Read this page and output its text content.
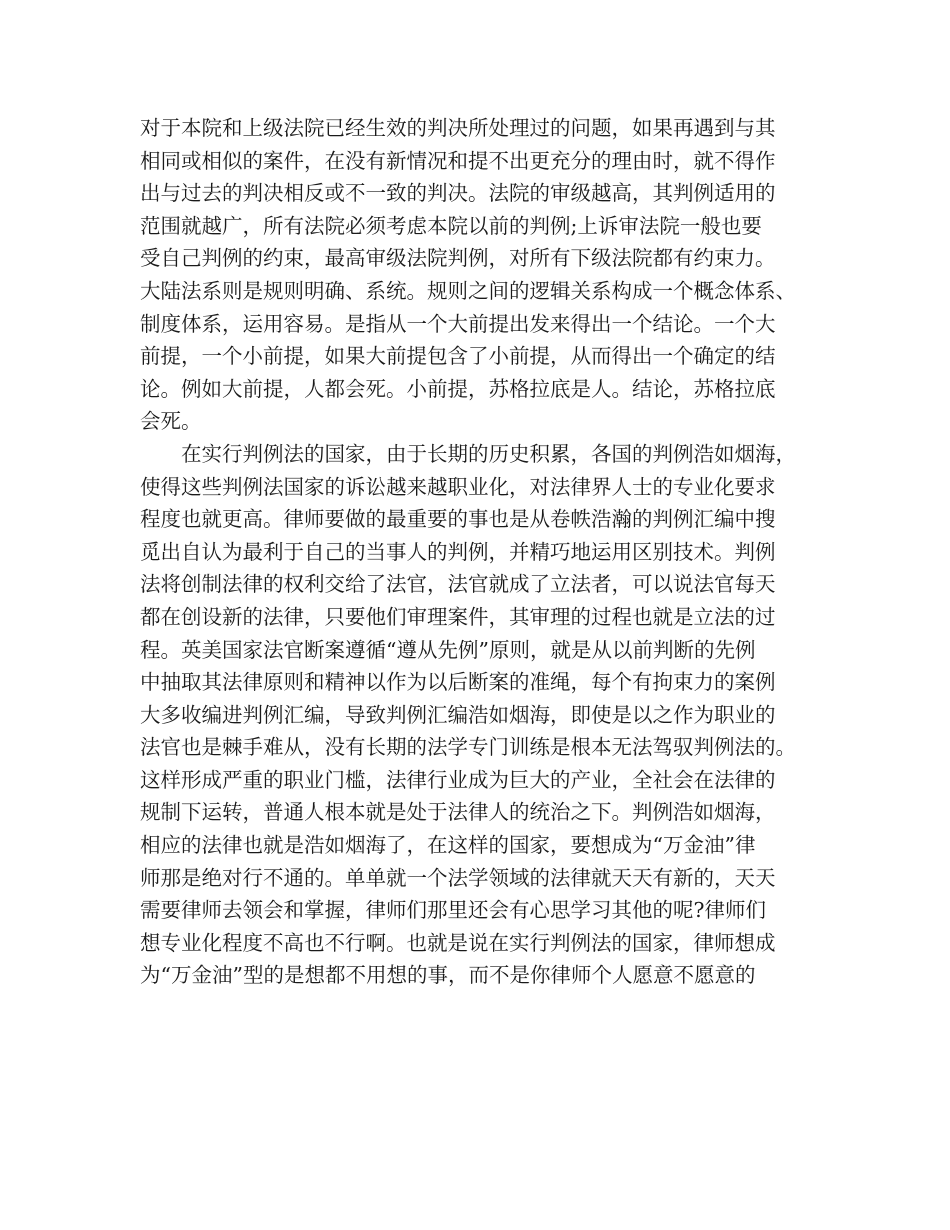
对于本院和上级法院已经生效的判决所处理过的问题，如果再遇到与其
相同或相似的案件，在没有新情况和提不出更充分的理由时，就不得作
出与过去的判决相反或不一致的判决。法院的审级越高，其判例适用的
范围就越广，所有法院必须考虑本院以前的判例;上诉审法院一般也要
受自己判例的约束，最高审级法院判例，对所有下级法院都有约束力。
大陆法系则是规则明确、系统。规则之间的逻辑关系构成一个概念体系、
制度体系，运用容易。是指从一个大前提出发来得出一个结论。一个大
前提，一个小前提，如果大前提包含了小前提，从而得出一个确定的结
论。例如大前提，人都会死。小前提，苏格拉底是人。结论，苏格拉底
会死。
在实行判例法的国家，由于长期的历史积累，各国的判例浩如烟海，
使得这些判例法国家的诉讼越来越职业化，对法律界人士的专业化要求
程度也就更高。律师要做的最重要的事也是从卷帙浩瀚的判例汇编中搜
觅出自认为最利于自己的当事人的判例，并精巧地运用区别技术。判例
法将创制法律的权利交给了法官，法官就成了立法者，可以说法官每天
都在创设新的法律，只要他们审理案件，其审理的过程也就是立法的过
程。英美国家法官断案遵循“遵从先例”原则，就是从以前判断的先例
中抽取其法律原则和精神以作为以后断案的准绳，每个有拘束力的案例
大多收编进判例汇编，导致判例汇编浩如烟海，即使是以之作为职业的
法官也是棘手难从，没有长期的法学专门训练是根本无法驾驭判例法的。
这样形成严重的职业门槛，法律行业成为巨大的产业，全社会在法律的
规制下运转，普通人根本就是处于法律人的统治之下。判例浩如烟海，
相应的法律也就是浩如烟海了，在这样的国家，要想成为“万金油”律
师那是绝对行不通的。单单就一个法学领域的法律就天天有新的，天天
需要律师去领会和掌握，律师们那里还会有心思学习其他的呢?律师们
想专业化程度不高也不行啊。也就是说在实行判例法的国家，律师想成
为“万金油”型的是想都不用想的事，而不是你律师个人愿意不愿意的
